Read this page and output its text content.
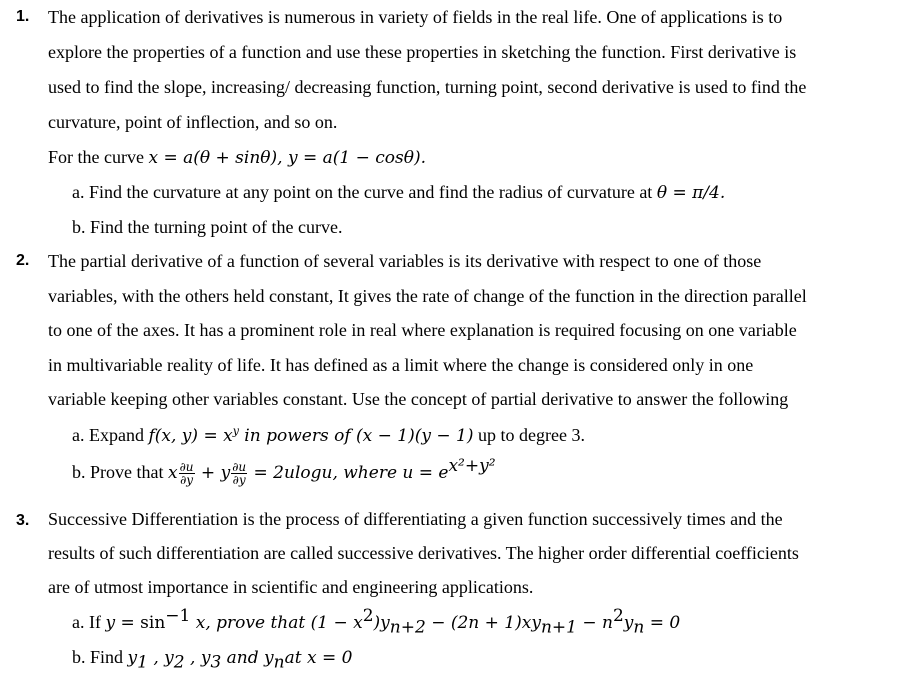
1. The application of derivatives is numerous in variety of fields in the real life. One of applications is to
explore the properties of a function and use these properties in sketching the function. First derivative is
used to find the slope, increasing/ decreasing function, turning point, second derivative is used to find the
curvature, point of inflection, and so on.
For the curve x = a(θ + sinθ), y = a(1 − cosθ).
a. Find the curvature at any point on the curve and find the radius of curvature at θ = π/4.
b. Find the turning point of the curve.
2. The partial derivative of a function of several variables is its derivative with respect to one of those
variables, with the others held constant, It gives the rate of change of the function in the direction parallel
to one of the axes. It has a prominent role in real where explanation is required focusing on one variable
in multivariable reality of life. It has defined as a limit where the change is considered only in one
variable keeping other variables constant. Use the concept of partial derivative to answer the following
a. Expand f(x, $y) = x^y$ in powers of (x − 1)(y − 1) up to degree 3.
b. Prove that x $\frac{\partial u}{\partial y} + y \frac{\partial u}{\partial y} = 2ulogu$, where $u = e^{x^2+y^2}$
3. Successive Differentiation is the process of differentiating a given function successively times and the
results of such differentiation are called successive derivatives. The higher order differential coefficients
are of utmost importance in scientific and engineering applications.
a. If $y = \sin^{-1} x$, prove that $(1 - x^2)y_{n+2} - (2n + 1)xy_{n+1} - n^2y_n = 0$
b. Find $y_1$ , $y_2$ , $y_3$ and $y_nat$ x = 0
